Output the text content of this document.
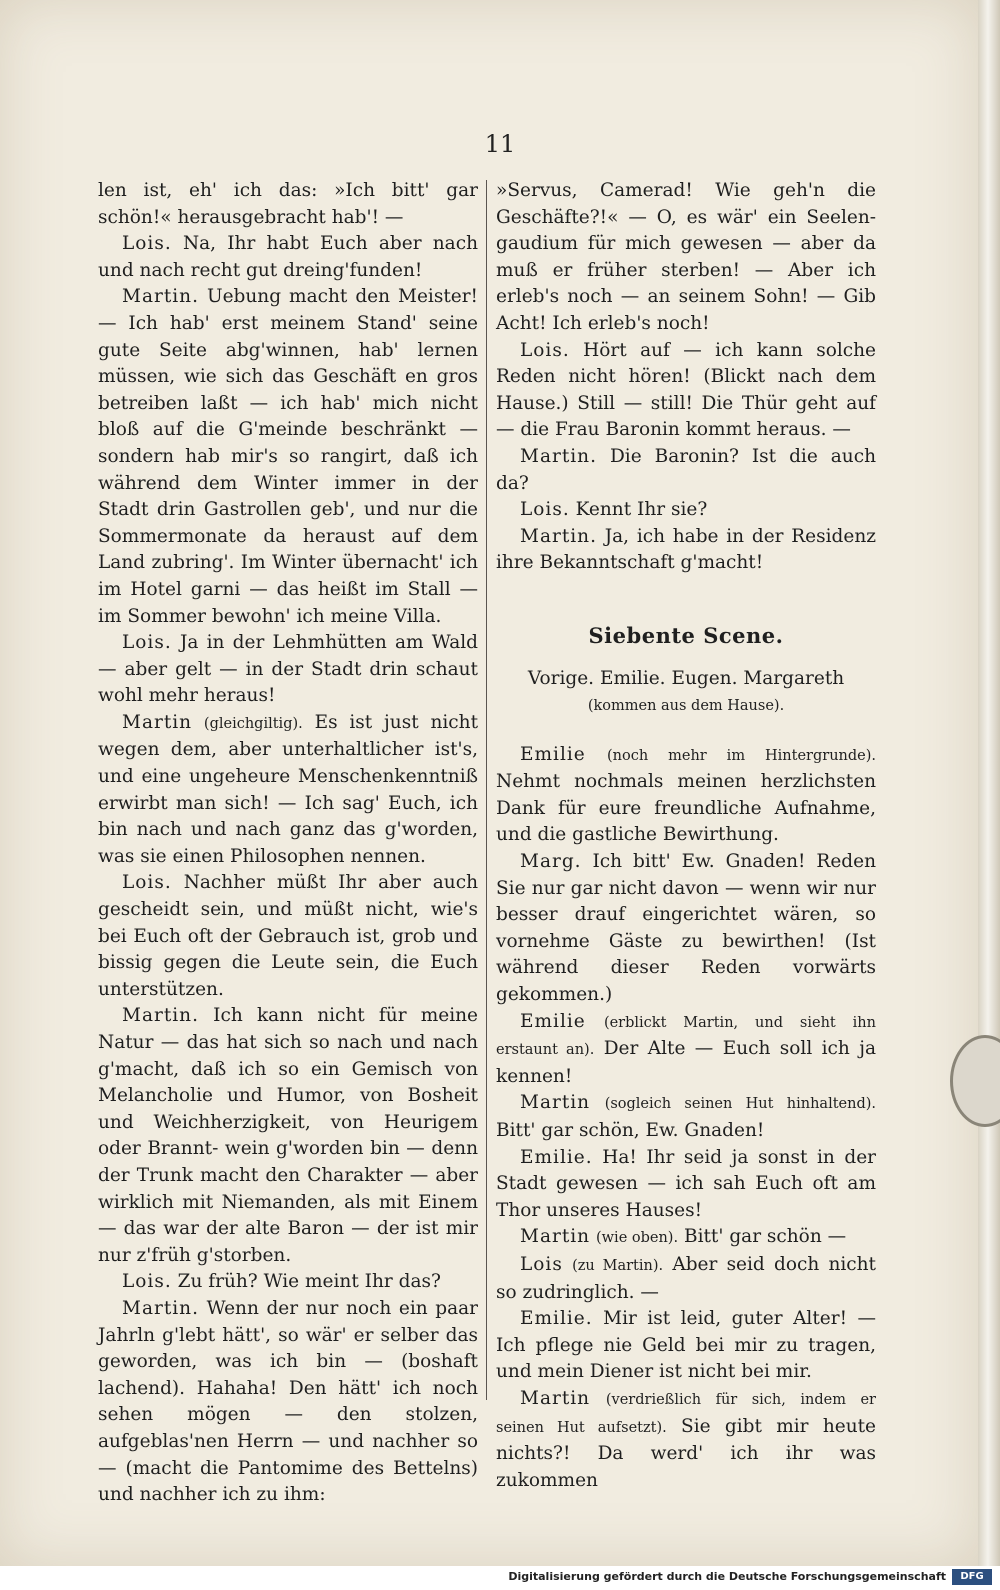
11

len ist, eh' ich das: »Ich bitt' gar schön!« herausgebracht hab'! —

Lois. Na, Ihr habt Euch aber nach und nach recht gut dreing'funden!

Martin. Uebung macht den Meister! — Ich hab' erst meinem Stand' seine gute Seite abg'winnen, hab' lernen müssen, wie sich das Geschäft en gros betreiben laßt — ich hab' mich nicht bloß auf die G'meinde beschränkt — sondern hab mir's so rangirt, daß ich während dem Winter immer in der Stadt drin Gastrollen geb', und nur die Sommermonate da heraust auf dem Land zubring'. Im Winter übernacht' ich im Hotel garni — das heißt im Stall — im Sommer bewohn' ich meine Villa.

Lois. Ja in der Lehmhütten am Wald — aber gelt — in der Stadt drin schaut wohl mehr heraus!

Martin (gleichgiltig). Es ist just nicht wegen dem, aber unterhaltlicher ist's, und eine ungeheure Menschenkenntniß erwirbt man sich! — Ich sag' Euch, ich bin nach und nach ganz das g'worden, was sie einen Philosophen nennen.

Lois. Nachher müßt Ihr aber auch gescheidt sein, und müßt nicht, wie's bei Euch oft der Gebrauch ist, grob und bissig gegen die Leute sein, die Euch unterstützen.

Martin. Ich kann nicht für meine Natur — das hat sich so nach und nach g'macht, daß ich so ein Gemisch von Melancholie und Humor, von Bosheit und Weichherzigkeit, von Heurigem oder Brannt- wein g'worden bin — denn der Trunk macht den Charakter — aber wirklich mit Niemanden, als mit Einem — das war der alte Baron — der ist mir nur z'früh g'storben.

Lois. Zu früh? Wie meint Ihr das?

Martin. Wenn der nur noch ein paar Jahrln g'lebt hätt', so wär' er selber das geworden, was ich bin — (boshaft lachend). Hahaha! Den hätt' ich noch sehen mögen — den stolzen, aufgeblas'nen Herrn — und nachher so — (macht die Pantomime des Bettelns) und nachher ich zu ihm:

»Servus, Camerad! Wie geh'n die Geschäfte?!« — O, es wär' ein Seelen- gaudium für mich gewesen — aber da muß er früher sterben! — Aber ich erleb's noch — an seinem Sohn! — Gib Acht! Ich erleb's noch!

Lois. Hört auf — ich kann solche Reden nicht hören! (Blickt nach dem Hause.) Still — still! Die Thür geht auf — die Frau Baronin kommt heraus. —

Martin. Die Baronin? Ist die auch da?

Lois. Kennt Ihr sie?

Martin. Ja, ich habe in der Residenz ihre Bekanntschaft g'macht!

Siebente Scene.

Vorige. Emilie. Eugen. Margareth
(kommen aus dem Hause).

Emilie (noch mehr im Hintergrunde). Nehmt nochmals meinen herzlichsten Dank für eure freundliche Aufnahme, und die gastliche Bewirthung.

Marg. Ich bitt' Ew. Gnaden! Reden Sie nur gar nicht davon — wenn wir nur besser drauf eingerichtet wären, so vornehme Gäste zu bewirthen! (Ist während dieser Reden vorwärts gekommen.)

Emilie (erblickt Martin, und sieht ihn erstaunt an). Der Alte — Euch soll ich ja kennen!

Martin (sogleich seinen Hut hinhaltend). Bitt' gar schön, Ew. Gnaden!

Emilie. Ha! Ihr seid ja sonst in der Stadt gewesen — ich sah Euch oft am Thor unseres Hauses!

Martin (wie oben). Bitt' gar schön —

Lois (zu Martin). Aber seid doch nicht so zudringlich. —

Emilie. Mir ist leid, guter Alter! — Ich pflege nie Geld bei mir zu tragen, und mein Diener ist nicht bei mir.

Martin (verdrießlich für sich, indem er seinen Hut aufsetzt). Sie gibt mir heute nichts?! Da werd' ich ihr was zukommen

Digitalisierung gefördert durch die Deutsche Forschungsgemeinschaft	DFG
